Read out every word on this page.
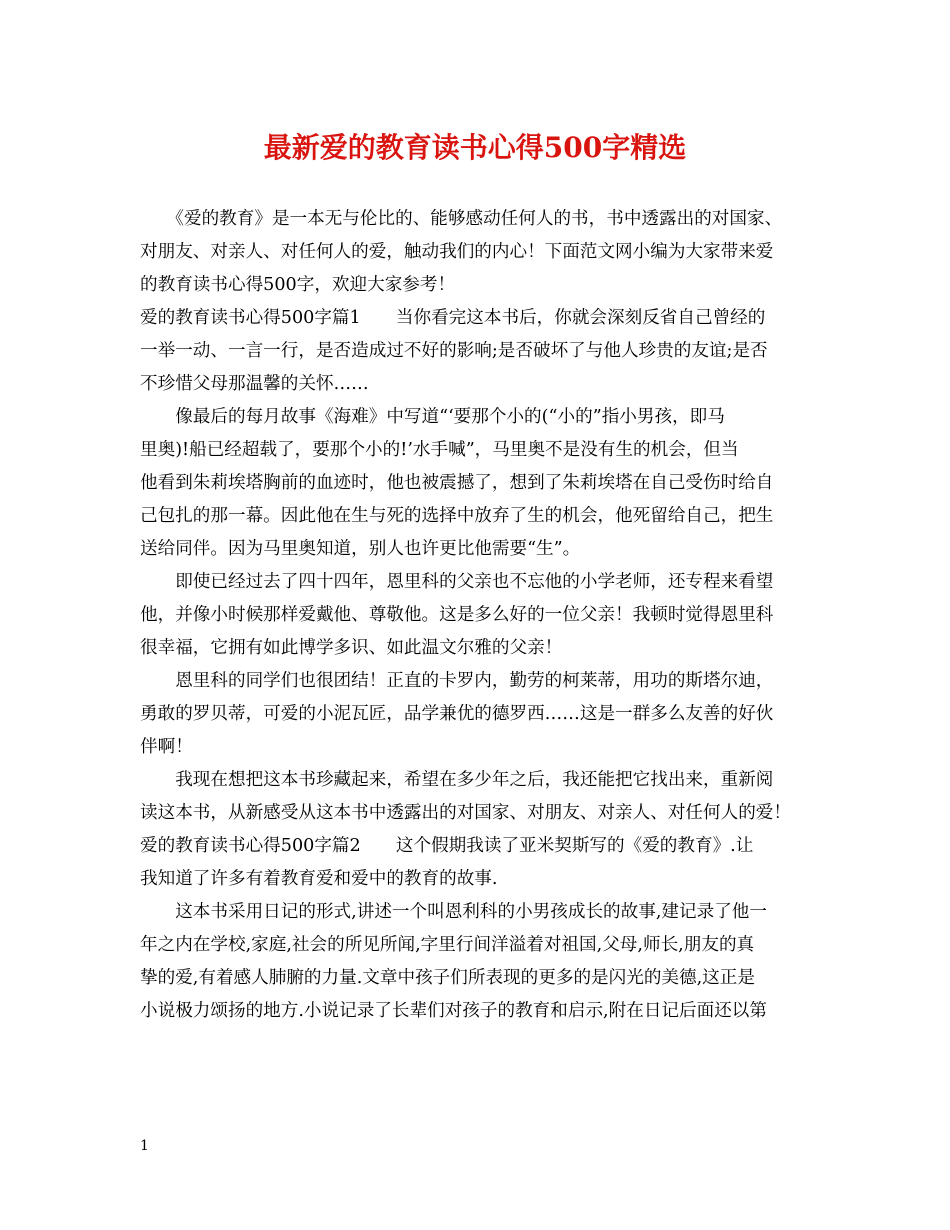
最新爱的教育读书心得500字精选
　　《爱的教育》是一本无与伦比的、能够感动任何人的书，书中透露出的对国家、
对朋友、对亲人、对任何人的爱，触动我们的内心！下面范文网小编为大家带来爱
的教育读书心得500字，欢迎大家参考！
爱的教育读书心得500字篇1　　当你看完这本书后，你就会深刻反省自己曾经的
一举一动、一言一行，是否造成过不好的影响;是否破坏了与他人珍贵的友谊;是否
不珍惜父母那温馨的关怀……
　　像最后的每月故事《海难》中写道“‘要那个小的(“小的”指小男孩，即马
里奥)!船已经超载了，要那个小的!’水手喊”，马里奥不是没有生的机会，但当
他看到朱莉埃塔胸前的血迹时，他也被震撼了，想到了朱莉埃塔在自己受伤时给自
己包扎的那一幕。因此他在生与死的选择中放弃了生的机会，他死留给自己，把生
送给同伴。因为马里奥知道，别人也许更比他需要“生”。
　　即使已经过去了四十四年，恩里科的父亲也不忘他的小学老师，还专程来看望
他，并像小时候那样爱戴他、尊敬他。这是多么好的一位父亲！我顿时觉得恩里科
很幸福，它拥有如此博学多识、如此温文尔雅的父亲！
　　恩里科的同学们也很团结！正直的卡罗内，勤劳的柯莱蒂，用功的斯塔尔迪，
勇敢的罗贝蒂，可爱的小泥瓦匠，品学兼优的德罗西……这是一群多么友善的好伙
伴啊！
　　我现在想把这本书珍藏起来，希望在多少年之后，我还能把它找出来，重新阅
读这本书，从新感受从这本书中透露出的对国家、对朋友、对亲人、对任何人的爱！
爱的教育读书心得500字篇2　　这个假期我读了亚米契斯写的《爱的教育》.让
我知道了许多有着教育爱和爱中的教育的故事.
　　这本书采用日记的形式,讲述一个叫恩利科的小男孩成长的故事,建记录了他一
年之内在学校,家庭,社会的所见所闻,字里行间洋溢着对祖国,父母,师长,朋友的真
挚的爱,有着感人肺腑的力量.文章中孩子们所表现的更多的是闪光的美德,这正是
小说极力颂扬的地方.小说记录了长辈们对孩子的教育和启示,附在日记后面还以第
1
